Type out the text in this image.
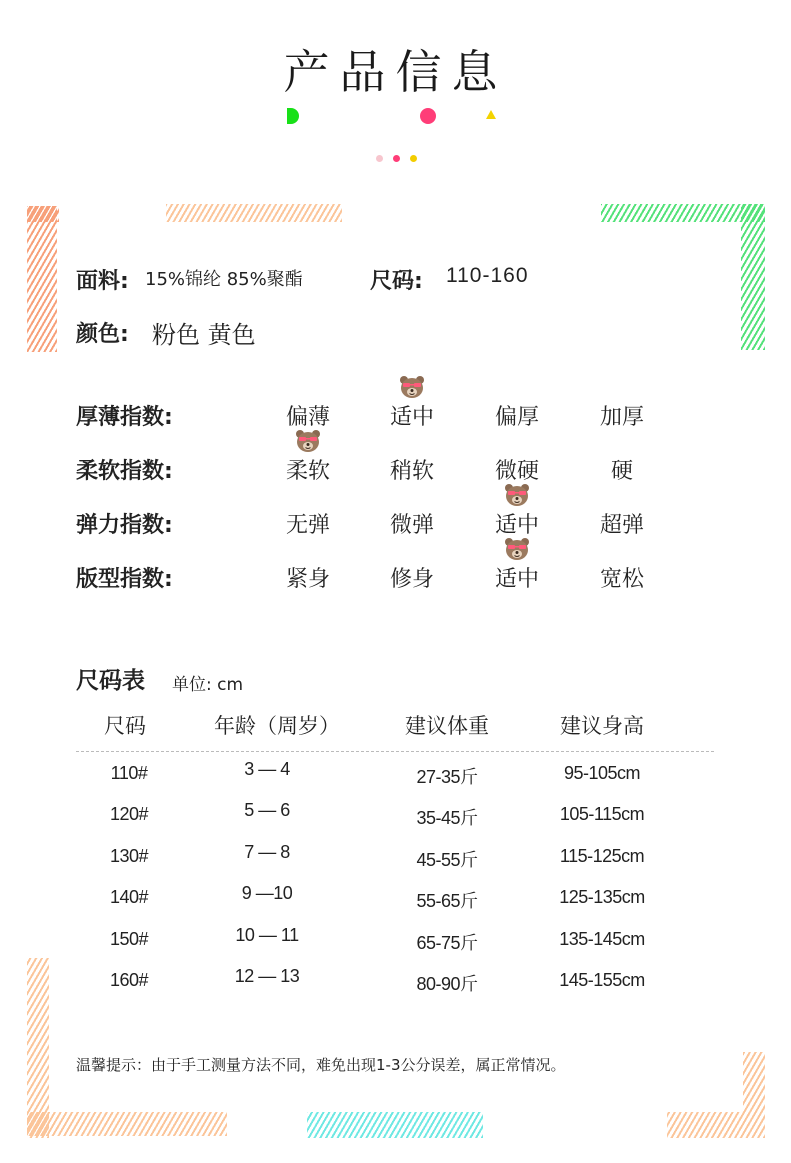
产品信息
面料: 15%锦纶 85%聚酯	尺码: 110-160
颜色: 粉色 黄色
厚薄指数:	偏薄	适中	偏厚	加厚
柔软指数:	柔软	稍软	微硬	硬
弹力指数:	无弹	微弹	适中	超弹
版型指数:	紧身	修身	适中	宽松
尺码表 单位: cm
尺码	年龄（周岁）	建议体重	建议身高
110#	3 — 4	27-35斤	95-105cm
120#	5 — 6	35-45斤	105-115cm
130#	7 — 8	45-55斤	115-125cm
140#	9 —10	55-65斤	125-135cm
150#	10 — 11	65-75斤	135-145cm
160#	12 — 13	80-90斤	145-155cm
温馨提示：由于手工测量方法不同，难免出现1-3公分误差，属正常情况。
